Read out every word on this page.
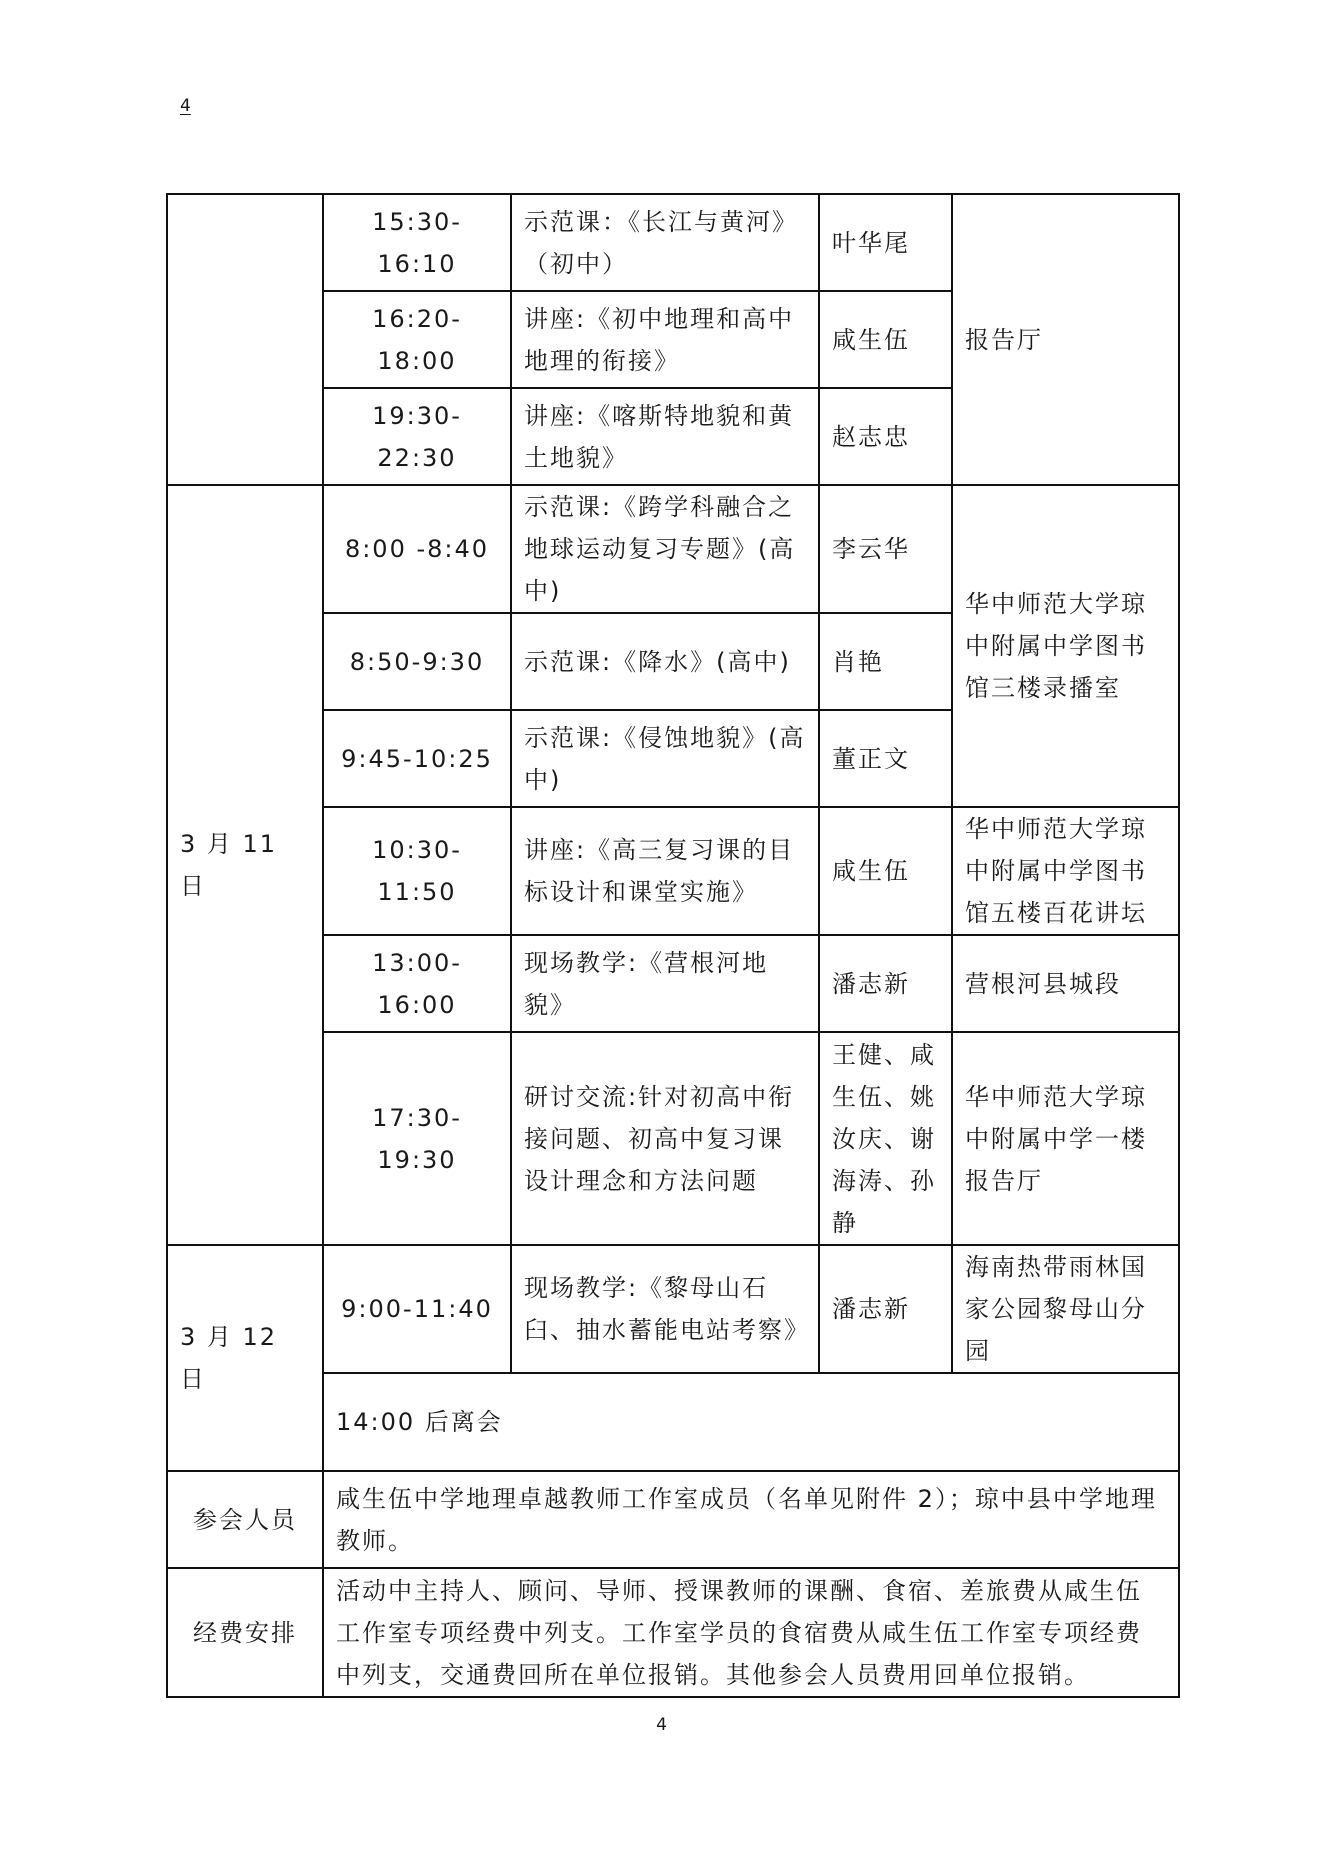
4
	15:30-16:10	示范课：《长江与黄河》（初中）	叶华尾	报告厅
	16:20-18:00	讲座:《初中地理和高中地理的衔接》	咸生伍	
	19:30-22:30	讲座:《喀斯特地貌和黄土地貌》	赵志忠	
3 月 11 日	8:00 -8:40	示范课:《跨学科融合之地球运动复习专题》(高中)	李云华	华中师范大学琼中附属中学图书馆三楼录播室
	8:50-9:30	示范课:《降水》(高中)	肖艳	
	9:45-10:25	示范课:《侵蚀地貌》(高中)	董正文	
	10:30-11:50	讲座:《高三复习课的目标设计和课堂实施》	咸生伍	华中师范大学琼中附属中学图书馆五楼百花讲坛
	13:00-16:00	现场教学:《营根河地貌》	潘志新	营根河县城段
	17:30-19:30	研讨交流:针对初高中衔接问题、初高中复习课设计理念和方法问题	王健、咸生伍、姚汝庆、谢海涛、孙静	华中师范大学琼中附属中学一楼报告厅
3 月 12 日	9:00-11:40	现场教学:《黎母山石臼、抽水蓄能电站考察》	潘志新	海南热带雨林国家公园黎母山分园
	14:00 后离会			
参会人员	咸生伍中学地理卓越教师工作室成员（名单见附件 2）；琼中县中学地理教师。			
经费安排	活动中主持人、顾问、导师、授课教师的课酬、食宿、差旅费从咸生伍工作室专项经费中列支。工作室学员的食宿费从咸生伍工作室专项经费中列支，交通费回所在单位报销。其他参会人员费用回单位报销。			
4
